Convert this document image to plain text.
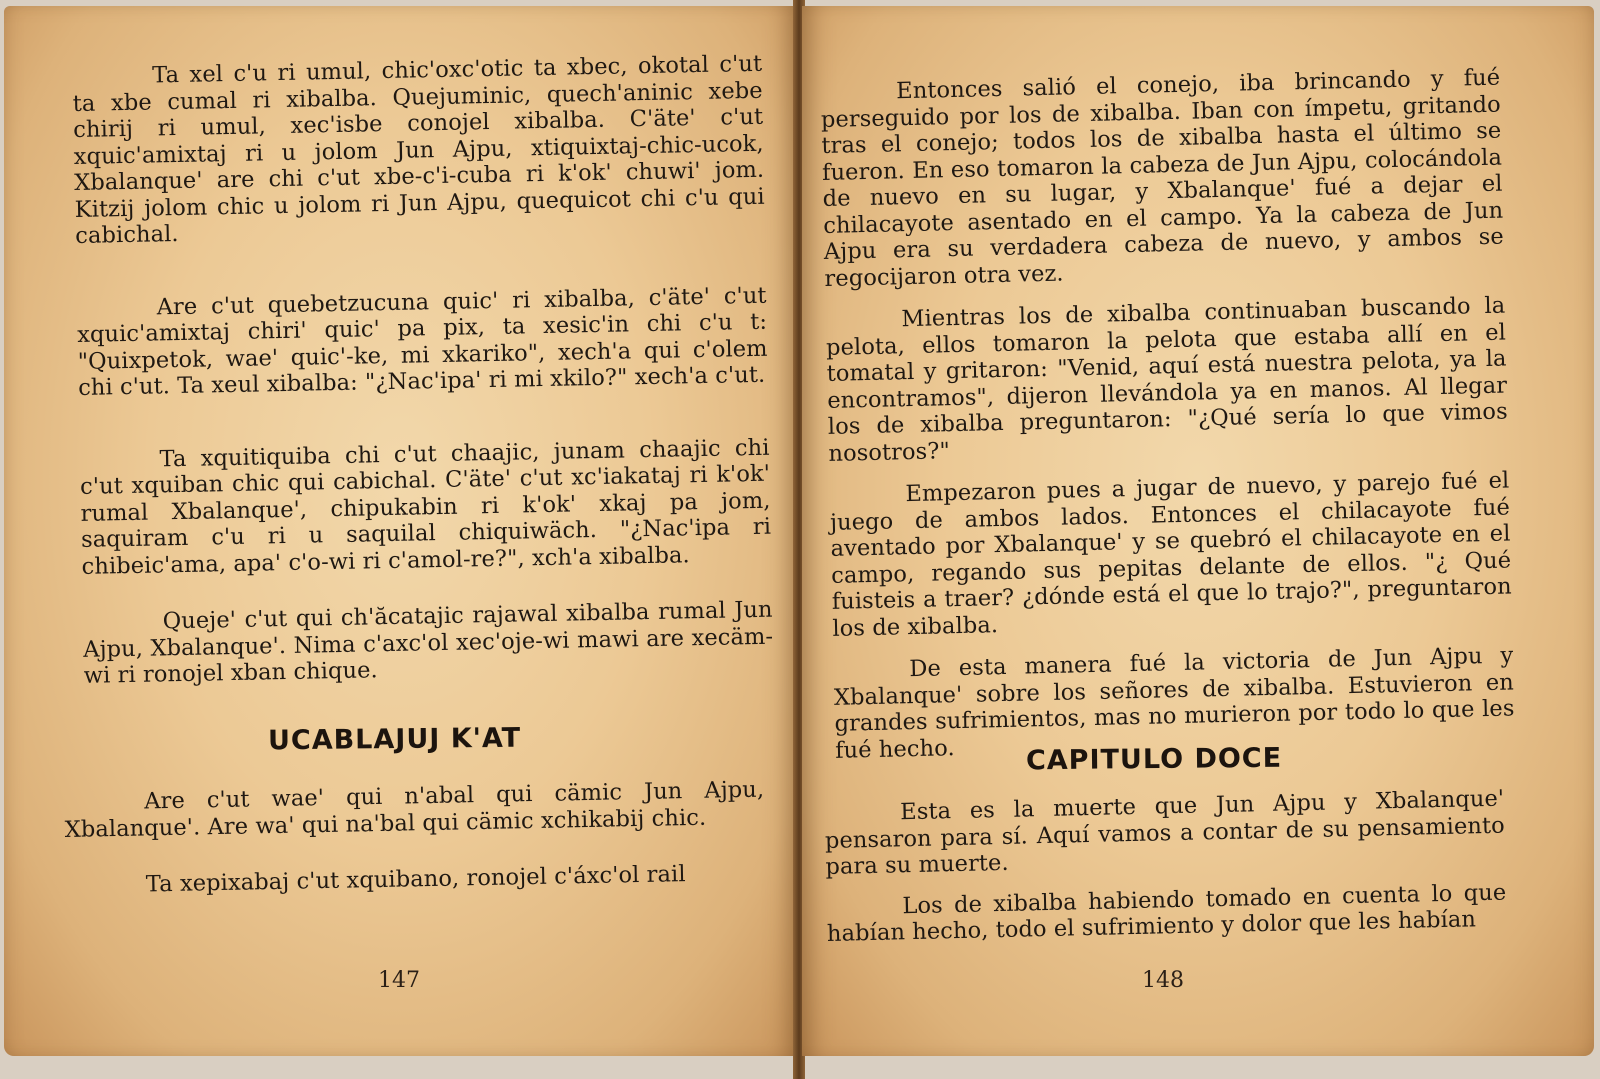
Ta xel c'u ri umul, chic'oxc'otic ta xbec, okotal c'ut ta xbe cumal ri xibalba. Quejuminic, quech'aninic xebe chirij ri umul, xec'isbe conojel xibalba. C'äte' c'ut xquic'amixtaj ri u jolom Jun Ajpu, xtiquixtaj-chic-ucok, Xbalanque' are chi c'ut xbe-c'i-cuba ri k'ok' chuwi' jom. Kitzij jolom chic u jolom ri Jun Ajpu, quequicot chi c'u qui cabichal.

Are c'ut quebetzucuna quic' ri xibalba, c'äte' c'ut xquic'amixtaj chiri' quic' pa pix, ta xesic'in chi c'u t: "Quixpetok, wae' quic'-ke, mi xkariko", xech'a qui c'olem chi c'ut. Ta xeul xibalba: "¿Nac'ipa' ri mi xkilo?" xech'a c'ut.

Ta xquitiquiba chi c'ut chaajic, junam chaajic chi c'ut xquiban chic qui cabichal. C'äte' c'ut xc'iakataj ri k'ok' rumal Xbalanque', chipukabin ri k'ok' xkaj pa jom, saquiram c'u ri u saquilal chiquiwäch. "¿Nac'ipa ri chibeic'ama, apa' c'o-wi ri c'amol-re?", xch'a xibalba.

Queje' c'ut qui ch'ăcatajic rajawal xibalba rumal Jun Ajpu, Xbalanque'. Nima c'axc'ol xec'oje-wi mawi are xecäm-wi ri ronojel xban chique.

UCABLAJUJ K'AT

Are c'ut wae' qui n'abal qui cämic Jun Ajpu, Xbalanque'. Are wa' qui na'bal qui cämic xchikabij chic.

Ta xepixabaj c'ut xquibano, ronojel c'áxc'ol rail

147

Entonces salió el conejo, iba brincando y fué perseguido por los de xibalba. Iban con ímpetu, gritando tras el conejo; todos los de xibalba hasta el último se fueron. En eso tomaron la cabeza de Jun Ajpu, colocándola de nuevo en su lugar, y Xbalanque' fué a dejar el chilacayote asentado en el campo. Ya la cabeza de Jun Ajpu era su verdadera cabeza de nuevo, y ambos se regocijaron otra vez.

Mientras los de xibalba continuaban buscando la pelota, ellos tomaron la pelota que estaba allí en el tomatal y gritaron: "Venid, aquí está nuestra pelota, ya la encontramos", dijeron llevándola ya en manos. Al llegar los de xibalba preguntaron: "¿Qué sería lo que vimos nosotros?"

Empezaron pues a jugar de nuevo, y parejo fué el juego de ambos lados. Entonces el chilacayote fué aventado por Xbalanque' y se quebró el chilacayote en el campo, regando sus pepitas delante de ellos. "¿ Qué fuisteis a traer? ¿dónde está el que lo trajo?", preguntaron los de xibalba.

De esta manera fué la victoria de Jun Ajpu y Xbalanque' sobre los señores de xibalba. Estuvieron en grandes sufrimientos, mas no murieron por todo lo que les fué hecho.	CAPITULO DOCE

Esta es la muerte que Jun Ajpu y Xbalanque' pensaron para sí. Aquí vamos a contar de su pensamiento para su muerte.

Los de xibalba habiendo tomado en cuenta lo que habían hecho, todo el sufrimiento y dolor que les habían

148
